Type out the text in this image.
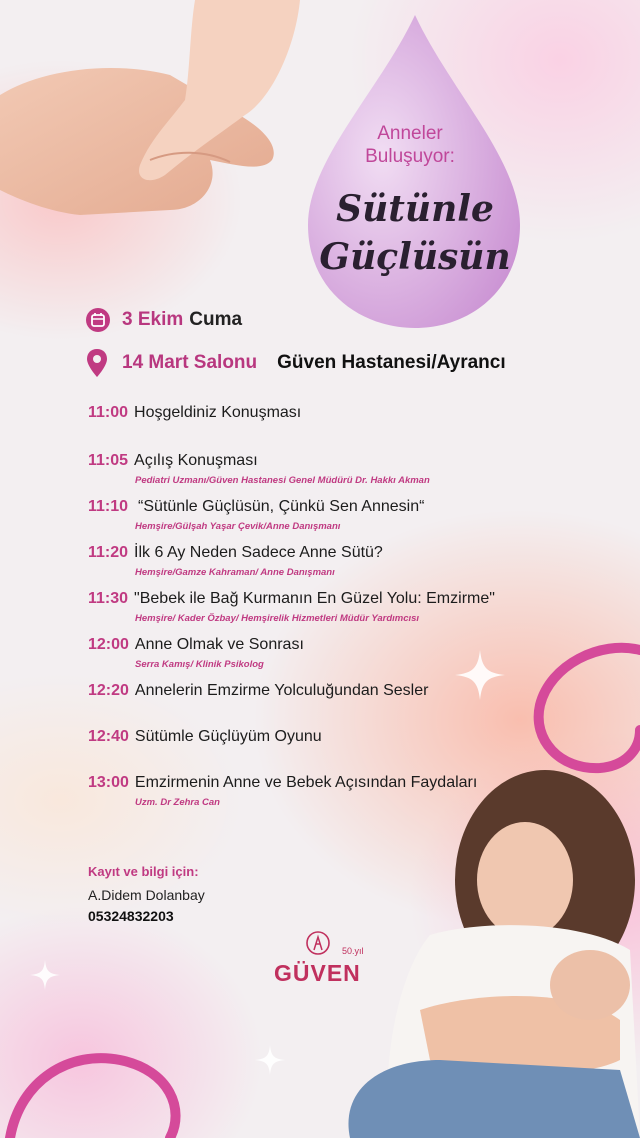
Anneler
Buluşuyor:
Sütünle
Güçlüsün
3 Ekim Cuma
14 Mart Salonu Güven Hastanesi/Ayrancı
11:00 Hoşgeldiniz Konuşması
11:05 Açılış Konuşması
Pediatri Uzmanı/Güven Hastanesi Genel Müdürü Dr. Hakkı Akman
11:10 “Sütünle Güçlüsün, Çünkü Sen Annesin“
Hemşire/Gülşah Yaşar Çevik/Anne Danışmanı
11:20 İlk 6 Ay Neden Sadece Anne Sütü?
Hemşire/Gamze Kahraman/ Anne Danışmanı
11:30 "Bebek ile Bağ Kurmanın En Güzel Yolu: Emzirme"
Hemşire/ Kader Özbay/ Hemşirelik Hizmetleri Müdür Yardımcısı
12:00 Anne Olmak ve Sonrası
Serra Kamış/ Klinik Psikolog
12:20 Annelerin Emzirme Yolculuğundan Sesler
12:40 Sütümle Güçlüyüm Oyunu
13:00 Emzirmenin Anne ve Bebek Açısından Faydaları
Uzm. Dr Zehra Can
Kayıt ve bilgi için:
A.Didem Dolanbay
05324832203
50.yıl
GÜVEN
